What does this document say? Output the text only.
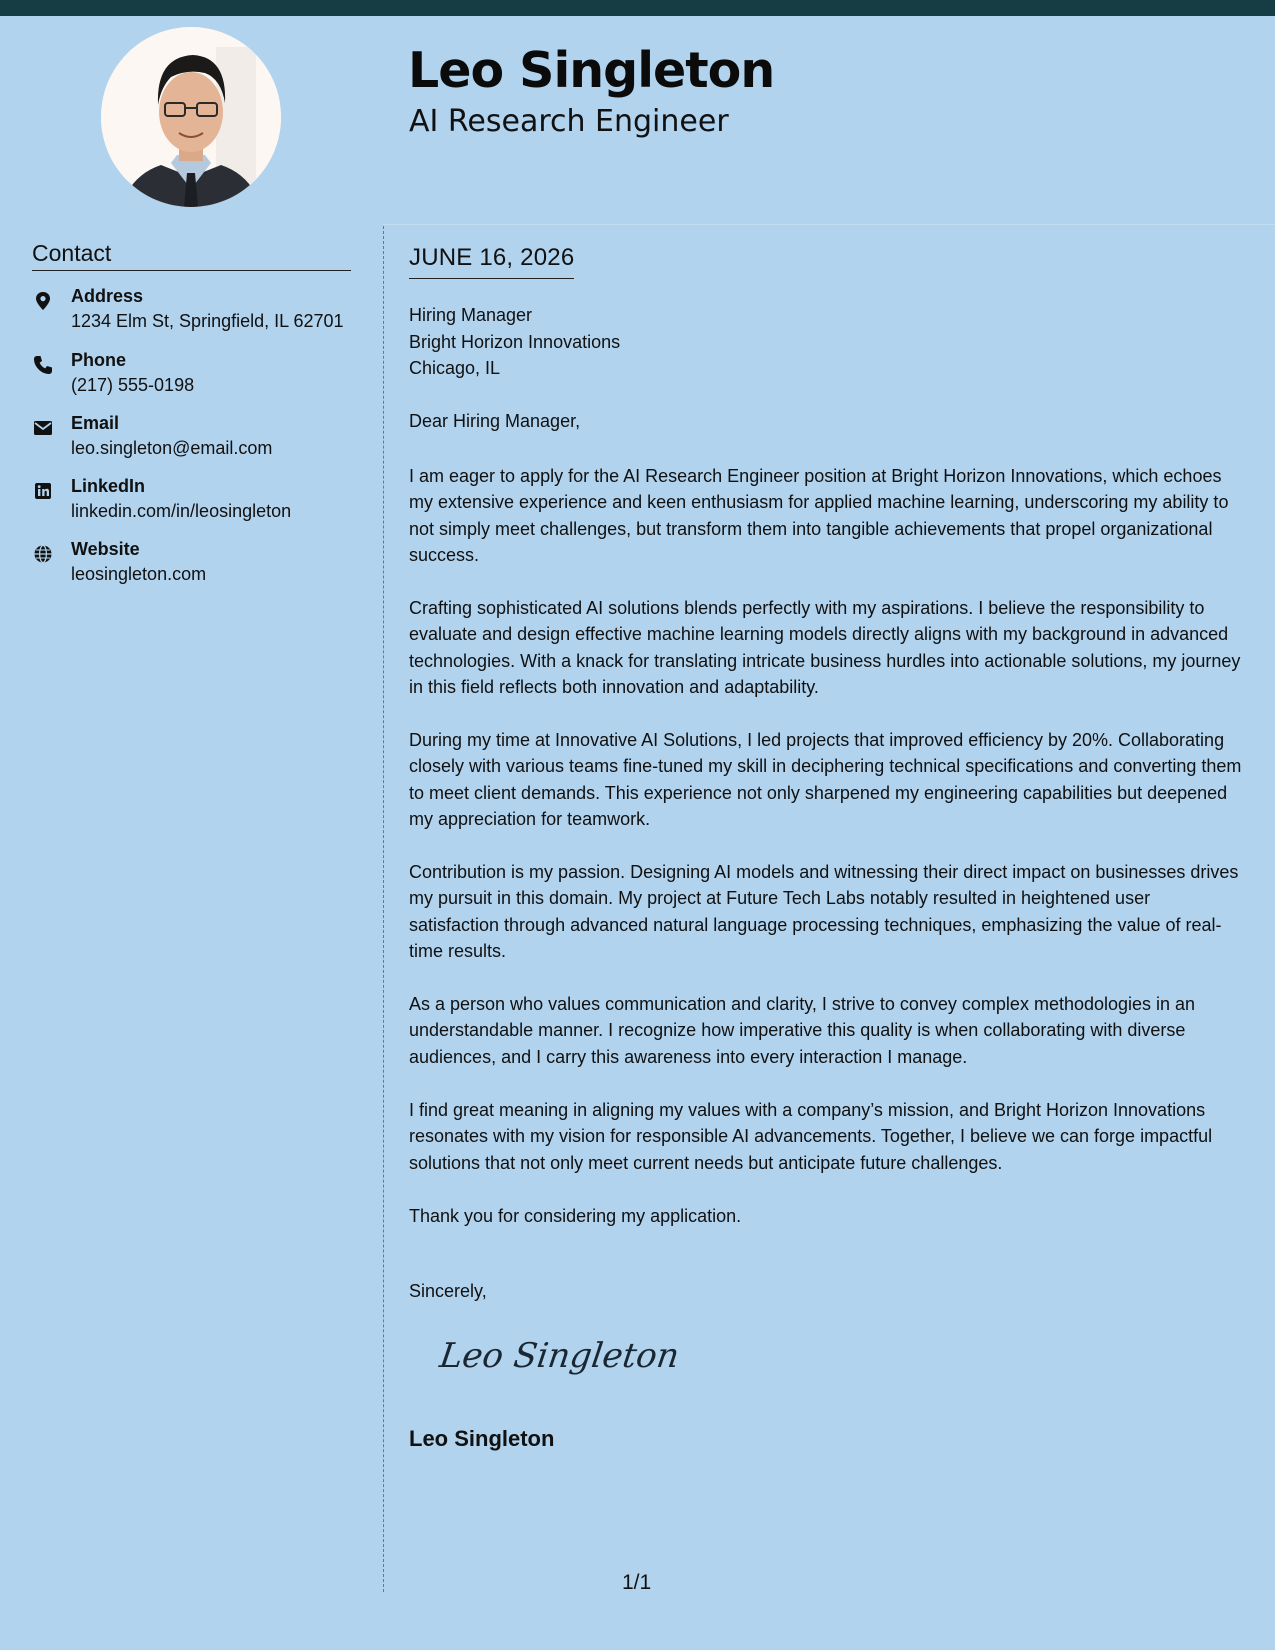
Leo Singleton
AI Research Engineer
Contact
Address
1234 Elm St, Springfield, IL 62701
Phone
(217) 555-0198
Email
leo.singleton@email.com
LinkedIn
linkedin.com/in/leosingleton
Website
leosingleton.com
JUNE 16, 2026
Hiring Manager
Bright Horizon Innovations
Chicago, IL
Dear Hiring Manager,

I am eager to apply for the AI Research Engineer position at Bright Horizon Innovations, which echoes my extensive experience and keen enthusiasm for applied machine learning, underscoring my ability to not simply meet challenges, but transform them into tangible achievements that propel organizational success.

Crafting sophisticated AI solutions blends perfectly with my aspirations. I believe the responsibility to evaluate and design effective machine learning models directly aligns with my background in advanced technologies. With a knack for translating intricate business hurdles into actionable solutions, my journey in this field reflects both innovation and adaptability.

During my time at Innovative AI Solutions, I led projects that improved efficiency by 20%. Collaborating closely with various teams fine-tuned my skill in deciphering technical specifications and converting them to meet client demands. This experience not only sharpened my engineering capabilities but deepened my appreciation for teamwork.

Contribution is my passion. Designing AI models and witnessing their direct impact on businesses drives my pursuit in this domain. My project at Future Tech Labs notably resulted in heightened user satisfaction through advanced natural language processing techniques, emphasizing the value of real-time results.

As a person who values communication and clarity, I strive to convey complex methodologies in an understandable manner. I recognize how imperative this quality is when collaborating with diverse audiences, and I carry this awareness into every interaction I manage.

I find great meaning in aligning my values with a company’s mission, and Bright Horizon Innovations resonates with my vision for responsible AI advancements. Together, I believe we can forge impactful solutions that not only meet current needs but anticipate future challenges.

Thank you for considering my application.

Sincerely,
Leo Singleton
Leo Singleton
1/1
